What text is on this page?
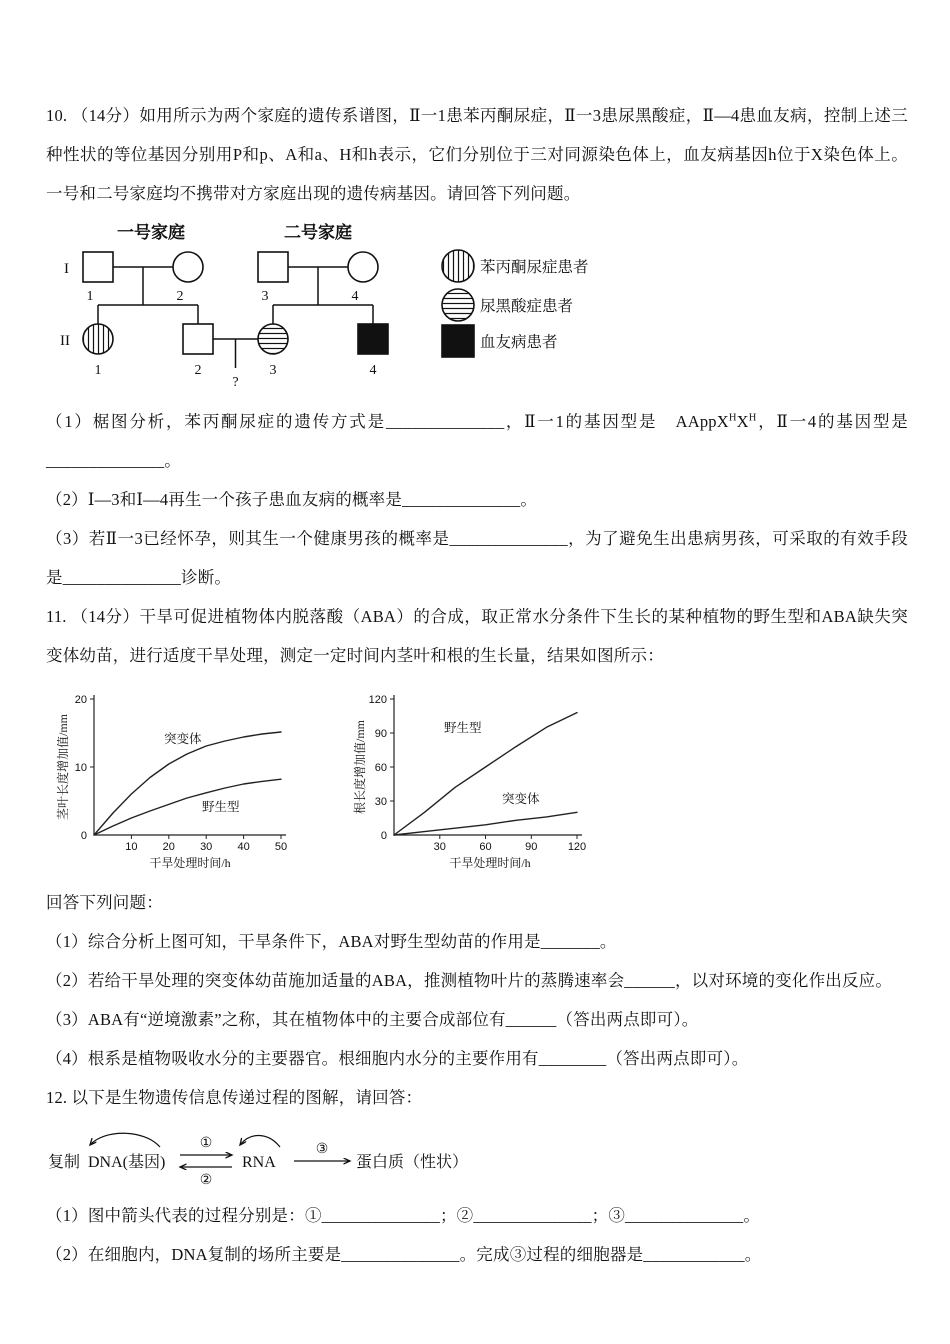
10. （14分）如用所示为两个家庭的遗传系谱图，Ⅱ一1患苯丙酮尿症，Ⅱ一3患尿黑酸症，Ⅱ—4患血友病，控制上述三种性状的等位基因分别用P和p、A和a、H和h表示，它们分别位于三对同源染色体上，血友病基因h位于X染色体上。一号和二号家庭均不携带对方家庭出现的遗传病基因。请回答下列问题。

一号家庭	二号家庭
I
II
1	2	3	4
1	2	3	4
?
苯丙酮尿症患者
尿黑酸症患者
血友病患者

（1）椐图分析，苯丙酮尿症的遗传方式是______________，Ⅱ一1的基因型是　$AAppX^HX^H$，Ⅱ一4的基因型是______________。

（2）Ⅰ—3和Ⅰ—4再生一个孩子患血友病的概率是______________。

（3）若Ⅱ一3已经怀孕，则其生一个健康男孩的概率是______________，为了避免生出患病男孩，可采取的有效手段是______________诊断。

11. （14分）干旱可促进植物体内脱落酸（ABA）的合成，取正常水分条件下生长的某种植物的野生型和ABA缺失突变体幼苗，进行适度干旱处理，测定一定时间内茎叶和根的生长量，结果如图所示：

0
10
20
10 20 30 40 50
突变体
野生型
干旱处理时间/h
茎叶长度增加值/mm
0
30
60
90
120
30	60	90	120
野生型
突变体
干旱处理时间/h
根长度增加值/mm

回答下列问题：

（1）综合分析上图可知，干旱条件下，ABA对野生型幼苗的作用是_______。

（2）若给干旱处理的突变体幼苗施加适量的ABA，推测植物叶片的蒸腾速率会______，以对环境的变化作出反应。

（3）ABA有“逆境激素”之称，其在植物体中的主要合成部位有______（答出两点即可）。

（4）根系是植物吸收水分的主要器官。根细胞内水分的主要作用有________（答出两点即可）。

12. 以下是生物遗传信息传递过程的图解，请回答：

复制 DNA(基因)
①
②
RNA
③
蛋白质（性状）

（1）图中箭头代表的过程分别是：①______________；②______________；③______________。

（2）在细胞内，DNA复制的场所主要是______________。完成③过程的细胞器是____________。
